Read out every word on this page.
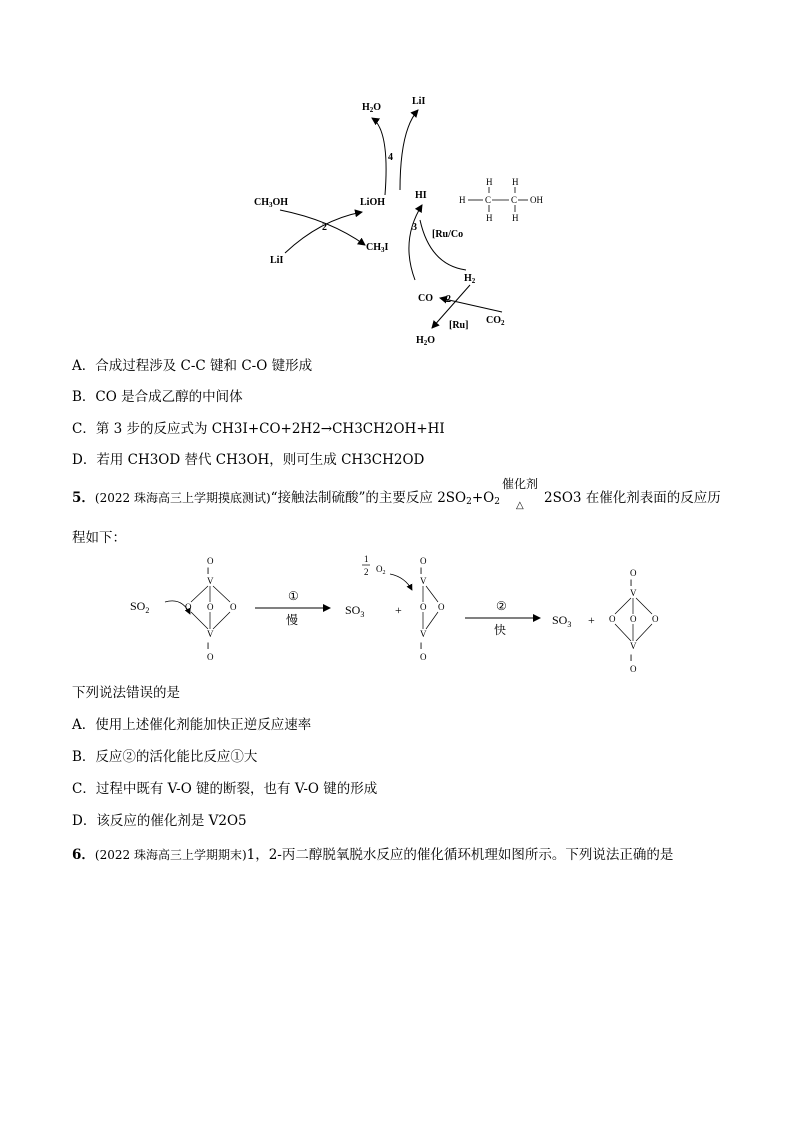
$H_2O$
LiI
4
HI
$CH_3OH$	LiOH
2
$CH_3I$
LiI
3
[Ru/Co
$H_2$
CO 2
[Ru] $CO_2$
$H_2O$
H H
H C C OH
H H
A．合成过程涉及 C-C 键和 C-O 键形成
B．CO 是合成乙醇的中间体
C．第 3 步的反应式为 CH3I+CO+2H2→CH3CH2OH+HI
D．若用 CH3OD 替代 CH3OH，则可生成 CH3CH2OD
5．(2022 珠海高三上学期摸底测试)“接触法制硫酸”的主要反应 $2SO_2+O_2$
催化剂
△ 2SO3 在催化剂表面的反应历
程如下：
$SO_2$
O
‖
V
O O O
V
‖
O
①
慢
$SO_3$	+
1
2 $O_2$
O
‖
V
O O
V
‖
O
②
快
$SO_3$ +
O
‖
V
O O O
V
‖
O
下列说法错误的是
A．使用上述催化剂能加快正逆反应速率
B．反应②的活化能比反应①大
C．过程中既有 V-O 键的断裂，也有 V-O 键的形成
D．该反应的催化剂是 V2O5
6．(2022 珠海高三上学期期末)1，2-丙二醇脱氧脱水反应的催化循环机理如图所示。下列说法正确的是
